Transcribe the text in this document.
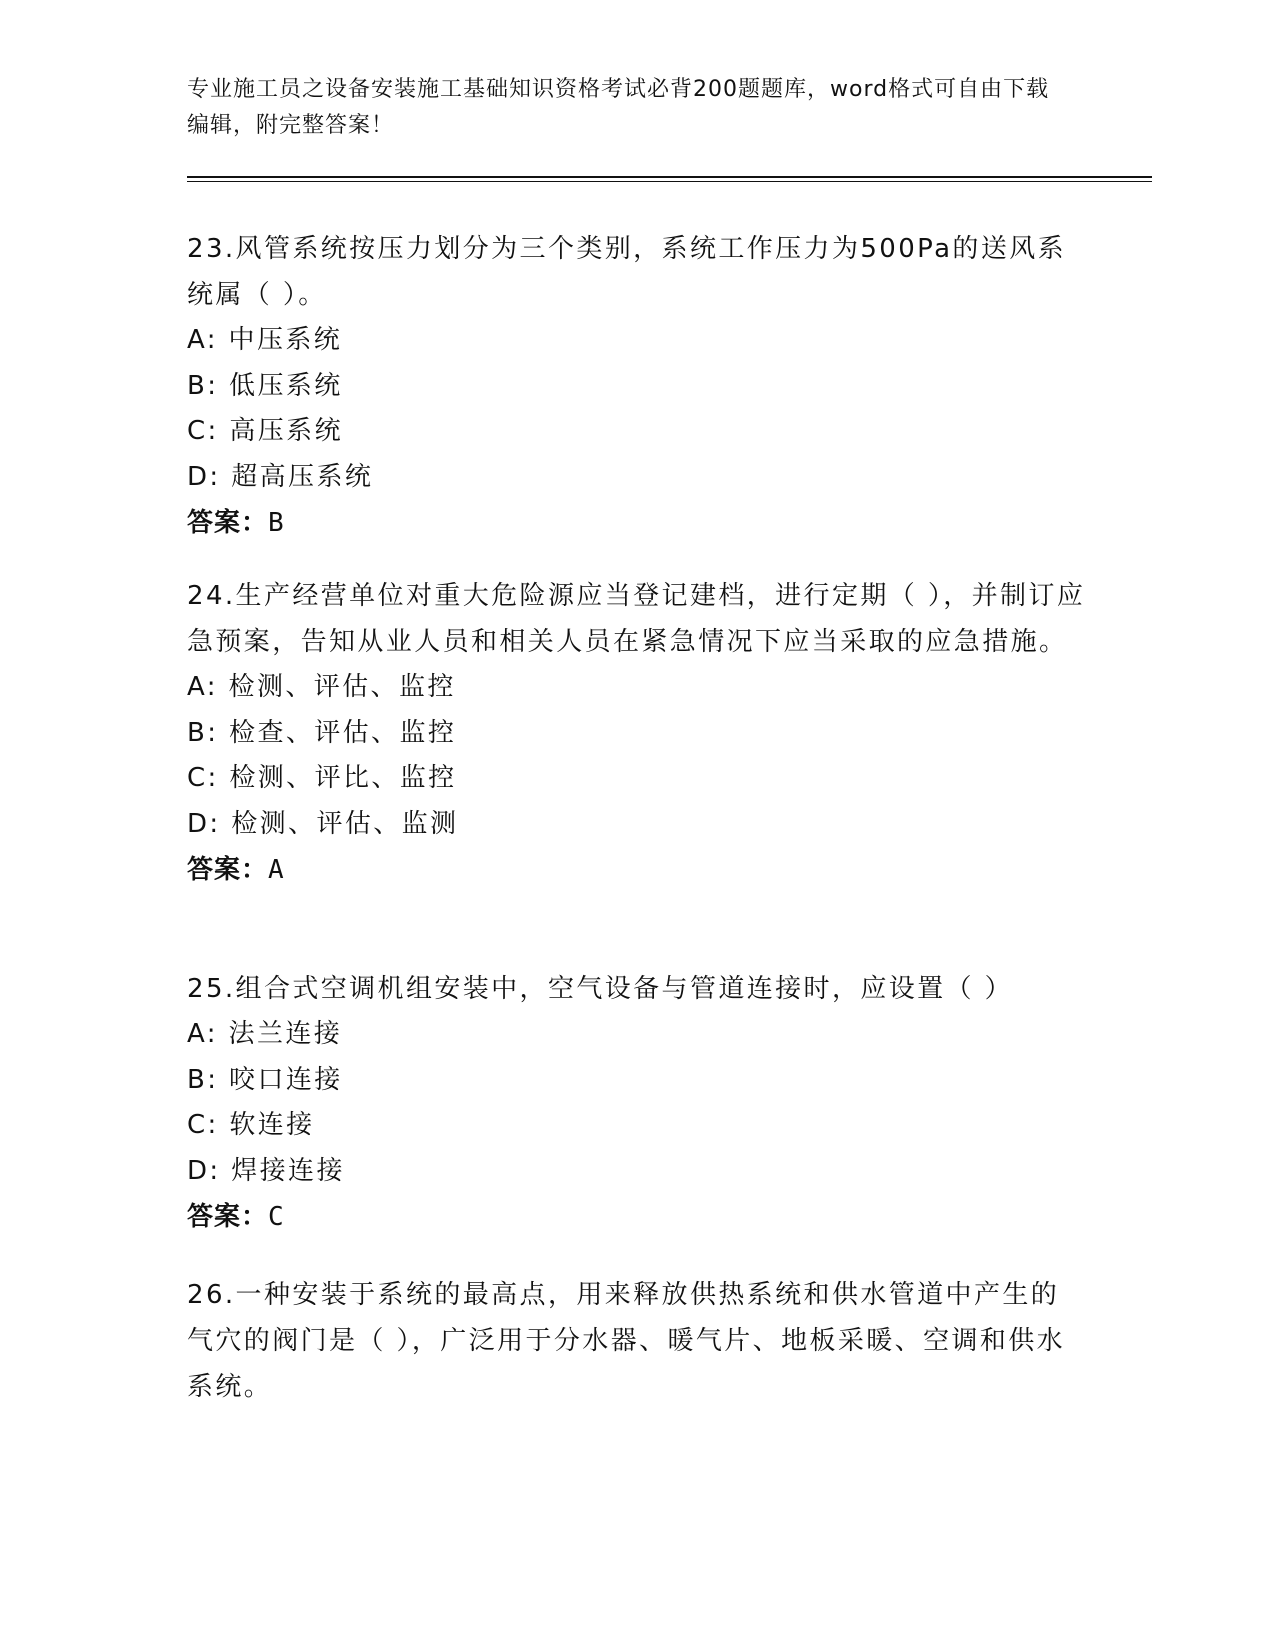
专业施工员之设备安装施工基础知识资格考试必背200题题库，word格式可自由下载编辑，附完整答案！

23.风管系统按压力划分为三个类别，系统工作压力为500Pa的送风系统属（ ）。

A: 中压系统

B: 低压系统

C: 高压系统

D: 超高压系统

答案：B

24.生产经营单位对重大危险源应当登记建档，进行定期（ ），并制订应急预案，告知从业人员和相关人员在紧急情况下应当采取的应急措施。

A: 检测、评估、监控

B: 检查、评估、监控

C: 检测、评比、监控

D: 检测、评估、监测

答案：A

25.组合式空调机组安装中，空气设备与管道连接时，应设置（ ）

A: 法兰连接

B: 咬口连接

C: 软连接

D: 焊接连接

答案：C

26.一种安装于系统的最高点，用来释放供热系统和供水管道中产生的气穴的阀门是（ ），广泛用于分水器、暖气片、地板采暖、空调和供水系统。
